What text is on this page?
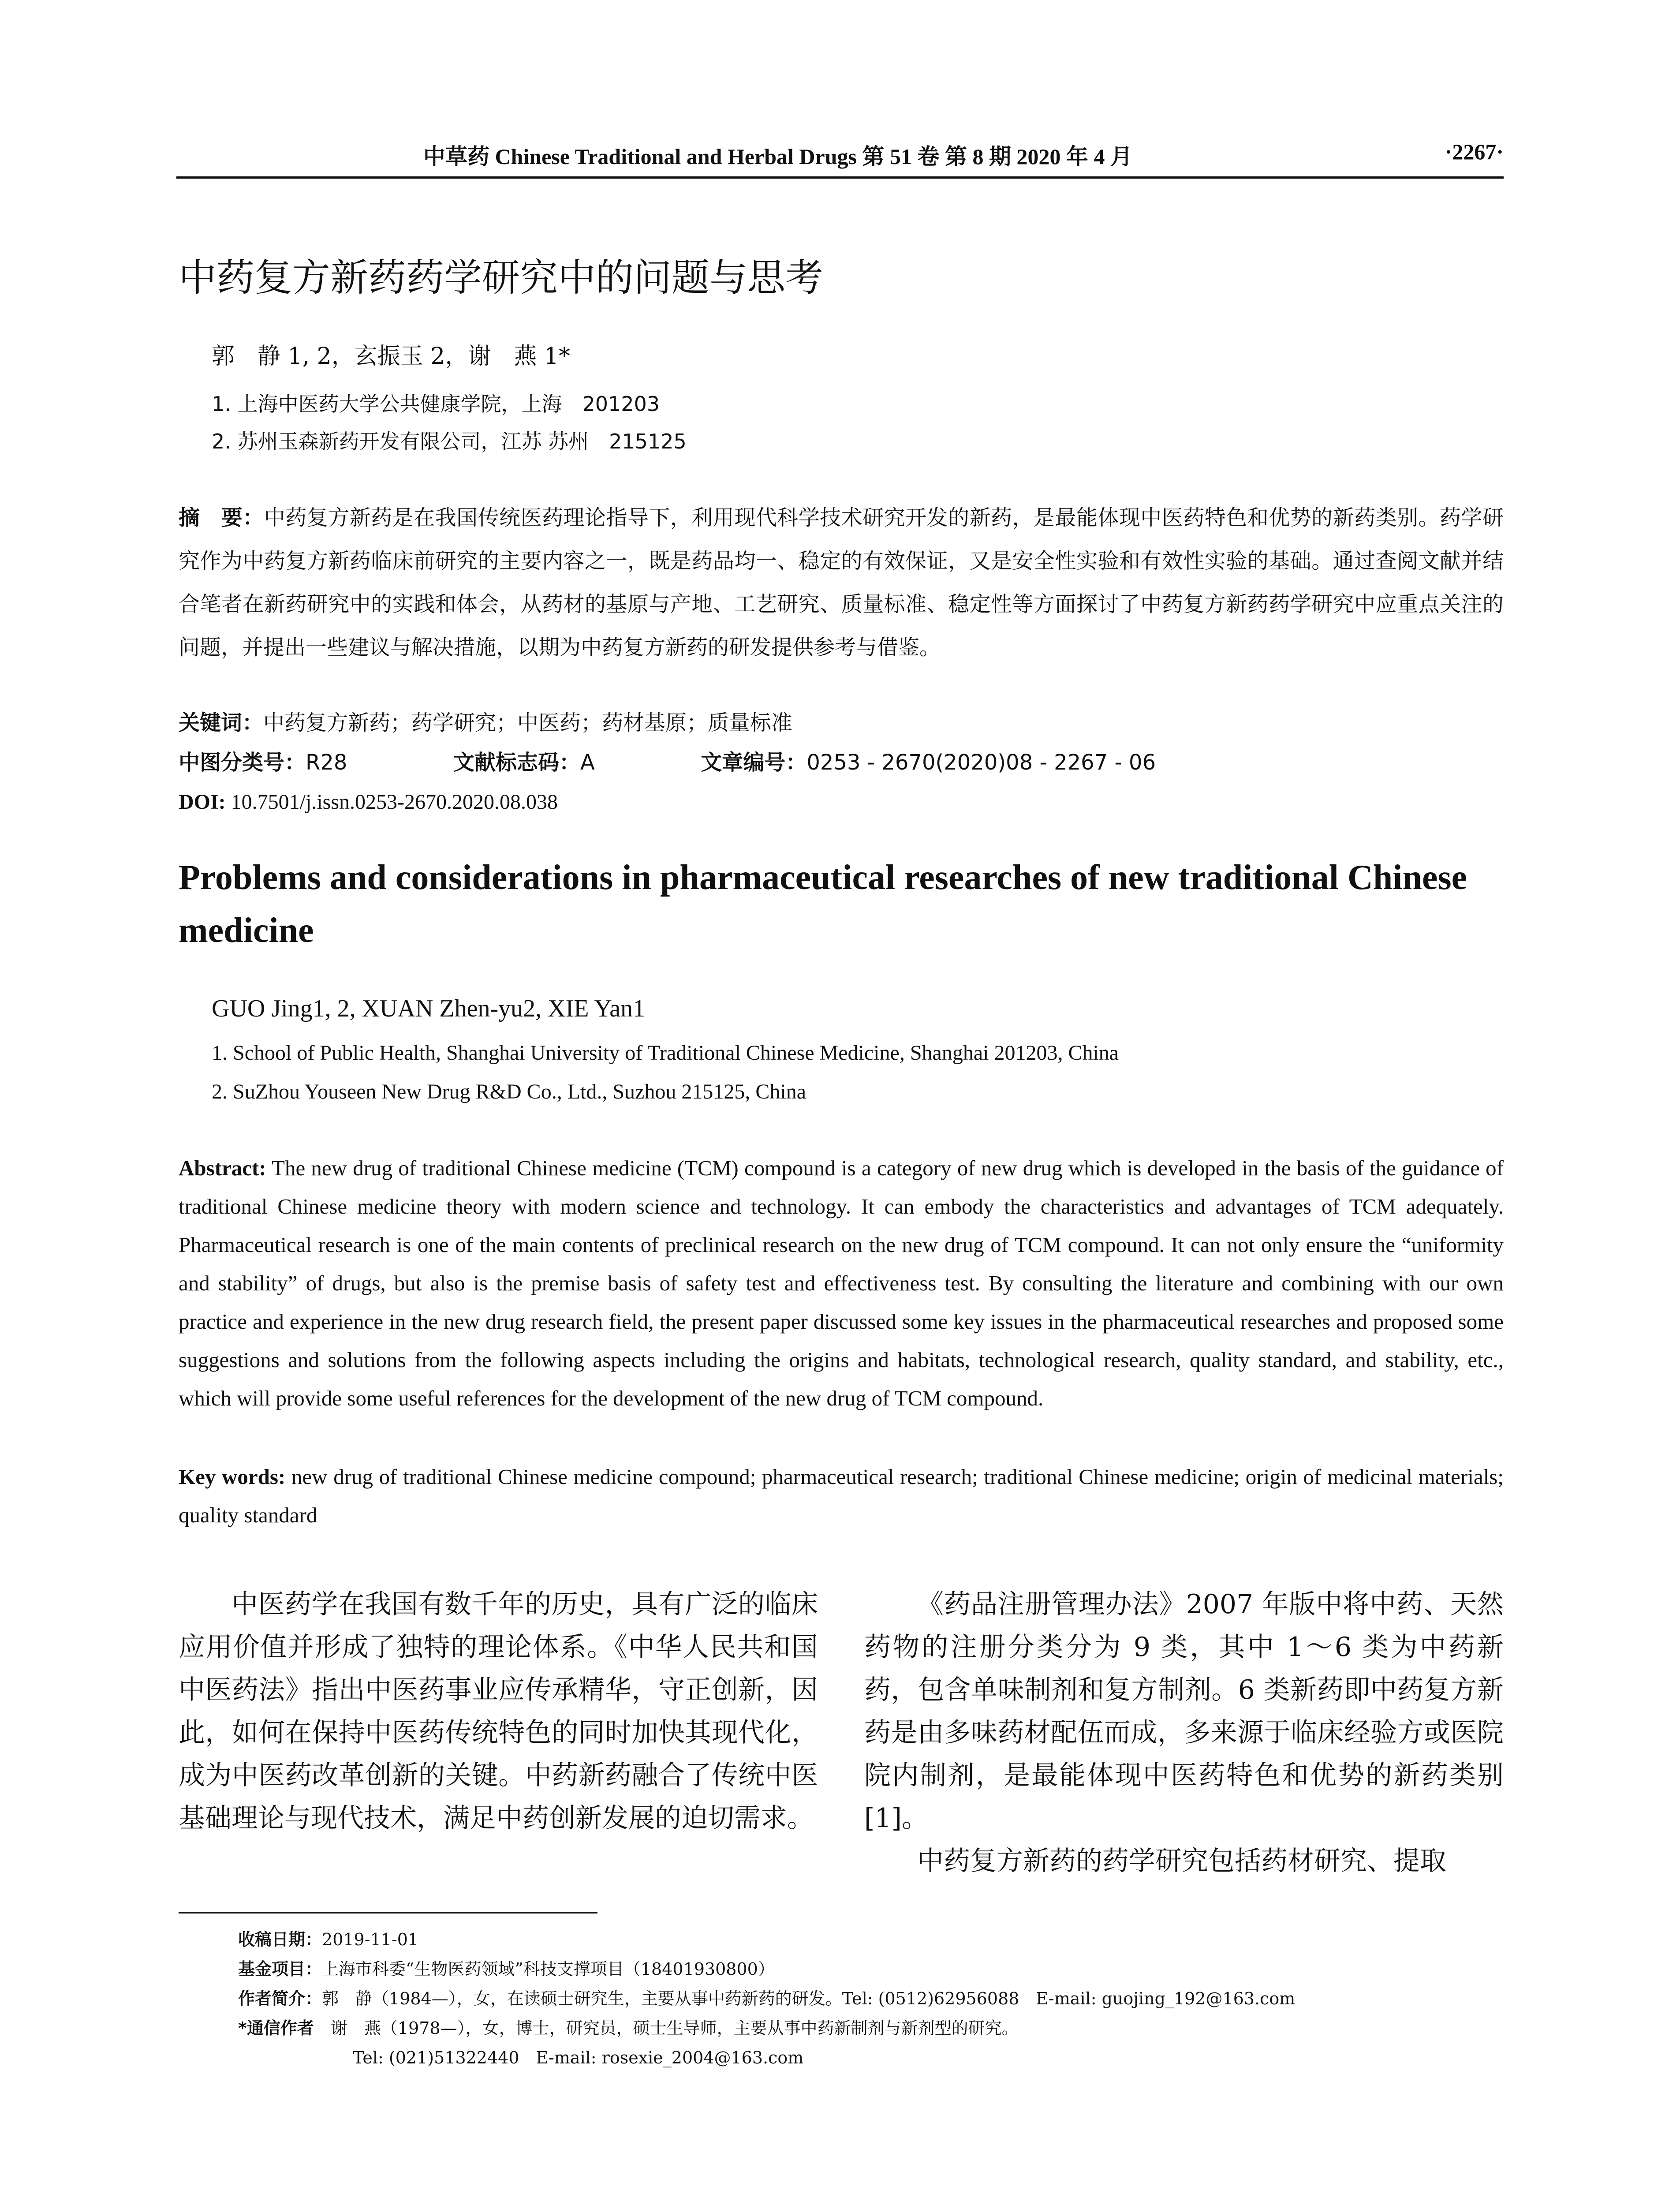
中草药 Chinese Traditional and Herbal Drugs 第 51 卷 第 8 期 2020 年 4 月	·2267·
中药复方新药药学研究中的问题与思考
郭　静 1, 2，玄振玉 2，谢　燕 1*
1. 上海中医药大学公共健康学院，上海　201203
2. 苏州玉森新药开发有限公司，江苏 苏州　215125
摘　要：中药复方新药是在我国传统医药理论指导下，利用现代科学技术研究开发的新药，是最能体现中医药特色和优势的新药类别。药学研究作为中药复方新药临床前研究的主要内容之一，既是药品均一、稳定的有效保证，又是安全性实验和有效性实验的基础。通过查阅文献并结合笔者在新药研究中的实践和体会，从药材的基原与产地、工艺研究、质量标准、稳定性等方面探讨了中药复方新药药学研究中应重点关注的问题，并提出一些建议与解决措施，以期为中药复方新药的研发提供参考与借鉴。
关键词：中药复方新药；药学研究；中医药；药材基原；质量标准
中图分类号：R28	文献标志码：A	文章编号：0253 - 2670(2020)08 - 2267 - 06
DOI: 10.7501/j.issn.0253-2670.2020.08.038
Problems and considerations in pharmaceutical researches of new traditional Chinese medicine
GUO Jing1, 2, XUAN Zhen-yu2, XIE Yan1
1. School of Public Health, Shanghai University of Traditional Chinese Medicine, Shanghai 201203, China
2. SuZhou Youseen New Drug R&D Co., Ltd., Suzhou 215125, China
Abstract: The new drug of traditional Chinese medicine (TCM) compound is a category of new drug which is developed in the basis of the guidance of traditional Chinese medicine theory with modern science and technology. It can embody the characteristics and advantages of TCM adequately. Pharmaceutical research is one of the main contents of preclinical research on the new drug of TCM compound. It can not only ensure the “uniformity and stability” of drugs, but also is the premise basis of safety test and effectiveness test. By consulting the literature and combining with our own practice and experience in the new drug research field, the present paper discussed some key issues in the pharmaceutical researches and proposed some suggestions and solutions from the following aspects including the origins and habitats, technological research, quality standard, and stability, etc., which will provide some useful references for the development of the new drug of TCM compound.
Key words: new drug of traditional Chinese medicine compound; pharmaceutical research; traditional Chinese medicine; origin of medicinal materials; quality standard

中医药学在我国有数千年的历史，具有广泛的临床应用价值并形成了独特的理论体系。《中华人民共和国中医药法》指出中医药事业应传承精华，守正创新，因此，如何在保持中医药传统特色的同时加快其现代化，成为中医药改革创新的关键。中药新药融合了传统中医基础理论与现代技术，满足中药创新发展的迫切需求。

《药品注册管理办法》2007 年版中将中药、天然药物的注册分类分为 9 类，其中 1～6 类为中药新药，包含单味制剂和复方制剂。6 类新药即中药复方新药是由多味药材配伍而成，多来源于临床经验方或医院院内制剂，是最能体现中医药特色和优势的新药类别[1]。

中药复方新药的药学研究包括药材研究、提取

收稿日期：2019-11-01
基金项目：上海市科委“生物医药领域”科技支撑项目（18401930800）
作者简介：郭　静（1984—），女，在读硕士研究生，主要从事中药新药的研发。Tel: (0512)62956088　E-mail: guojing_192@163.com
*通信作者　 谢　燕（1978—），女，博士，研究员，硕士生导师，主要从事中药新制剂与新剂型的研究。
Tel: (021)51322440　E-mail: rosexie_2004@163.com
